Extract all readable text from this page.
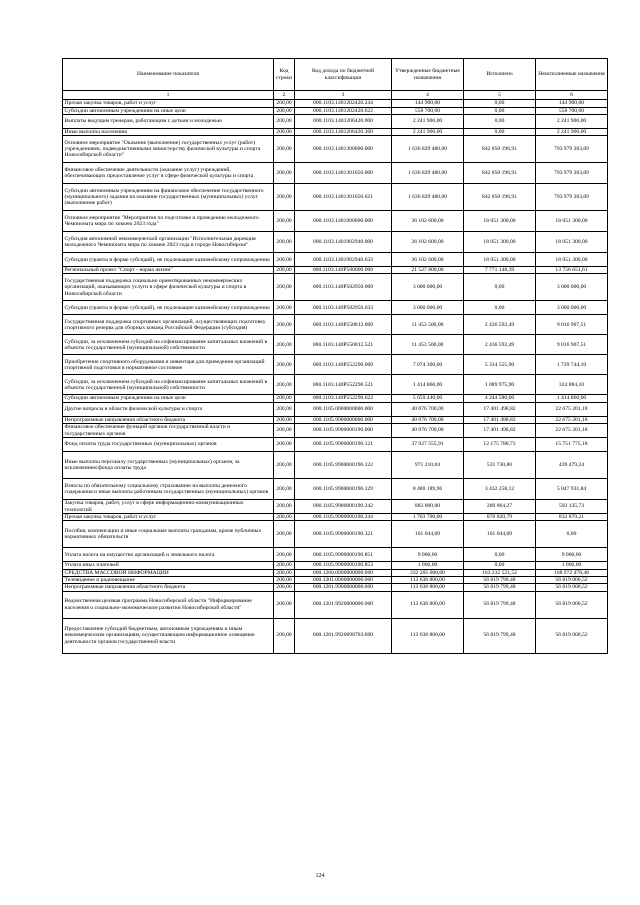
Наименование показателя	Код строки	Код дохода по бюджетной классификации	Утвержденные бюджетные назначения	Исполнено	Неисполненные назначения
1	2	3	4	5	6
Прочая закупка товаров, работ и услуг	200,00	000.1103.1401202420.244	144 900,00	0,00	144 900,00
Субсидии автономным учреждениям на иные цели	200,00	000.1103.1401202420.622	558 700,00	0,00	558 700,00
Выплаты ведущим тренерам, работающим с детьми и молодежью	200,00	000.1103.1401206420.000	2 241 900,00	0,00	2 241 900,00
Иные выплаты населению	200,00	000.1103.1401206420.360	2 241 900,00	0,00	2 241 900,00
Основное мероприятие "Оказание (выполнение) государственных услуг (работ) учреждениями, подведомственными министерству физической культуры и спорта Новосибирской области"	200,00	000.1103.1401300000.000	1 636 829 480,00	842 850 196,91	793 979 283,09
Финансовое обеспечение деятельности (оказание услуг) учреждений, обеспечивающих предоставление услуг в сфере физической культуры и спорта	200,00	000.1103.1401301050.000	1 636 829 480,00	842 850 196,91	793 979 283,09
Субсидии автономным учреждениям на финансовое обеспечение государственного (муниципального) задания на оказание государственных (муниципальных) услуг (выполнение работ)	200,00	000.1103.1401301050.621	1 636 829 480,00	842 850 196,91	793 979 283,09
Основное мероприятие "Мероприятия по подготовке и проведению молодежного Чемпионата мира по хоккею 2023 года"	200,00	000.1103.1401900000.000	36 102 600,00	18 051 300,00	18 051 300,00
Субсидия автономной некоммерческой организации "Исполнительная дирекция молодежного Чемпионата мира по хоккею 2023 года в городе Новосибирске"	200,00	000.1103.1401902940.000	36 102 600,00	18 051 300,00	18 051 300,00
Субсидии (гранты в форме субсидий), не подлежащие казначейскому сопровождению	200,00	000.1103.1401902940.633	36 102 600,00	18 051 300,00	18 051 300,00
Региональный проект "Спорт - норма жизни"	200,00	000.1103.140P500000.000	21 527 800,00	7 771 148,39	13 756 651,61
Государственная поддержка социально ориентированных некоммерческих организаций, оказывающих услуги в сфере физической культуры и спорта в Новосибирской области	200,00	000.1103.140P502950.000	3 000 000,00	0,00	3 000 000,00
Субсидии (гранты в форме субсидий), не подлежащие казначейскому сопровождению	200,00	000.1103.140P502950.633	3 000 000,00	0,00	3 000 000,00
Государственная поддержка спортивных организаций, осуществляющих подготовку спортивного резерва для сборных команд Российской Федерации (субсидия)	200,00	000.1103.140P550812.000	11 453 500,00	2 436 592,49	9 016 907,51
Субсидии, за исключением субсидий на софинансирование капитальных вложений в объекты государственной (муниципальной) собственности	200,00	000.1103.140P550812.521	11 453 500,00	2 436 592,49	9 016 907,51
Приобретение спортивного оборудования и инвентаря для приведения организаций спортивной подготовки в нормативное состояние	200,00	000.1103.140P552290.000	7 074 300,00	5 334 555,90	1 739 744,10
Субсидии, за исключением субсидий на софинансирование капитальных вложений в объекты государственной (муниципальной) собственности	200,00	000.1103.140P552290.521	1 414 860,00	1 089 975,90	324 884,10
Субсидии автономным учреждениям на иные цели	200,00	000.1103.140P552290.622	5 659 440,00	4 244 580,00	1 414 860,00
Другие вопросы в области физической культуры и спорта	200,00	000.1105.0000000000.000	40 076 700,00	17 401 498,82	22 675 201,18
Непрограммные направления областного бюджета	200,00	000.1105.9900000000.000	40 076 700,00	17 401 498,82	22 675 201,18
Финансовое обеспечение функций органов государственной власти и государственных органов	200,00	000.1105.9900000190.000	40 076 700,00	17 401 498,82	22 675 201,18
Фонд оплаты труда государственных (муниципальных) органов	200,00	000.1105.9900000190.121	37 927 555,91	12 175 780,73	15 751 775,18
Иные выплаты персоналу государственных (муниципальных) органов, за исключением фонда оплаты труда	200,00	000.1105.9900000190.122	971 210,04	531 730,80	439 479,24
Взносы по обязательному социальному страхованию на выплаты денежного содержания и иные выплаты работникам государственных (муниципальных) органов	200,00	000.1105.9900000190.129	8 480 189,96	3 432 258,12	5 047 931,84
Закупка товаров, работ, услуг в сфере информационно-коммуникационных технологий	200,00	000.1105.9900000190.242	883 000,00	289 864,27	593 135,73
Прочая закупка товаров, работ и услуг	200,00	000.1105.9900000190.244	1 703 700,00	870 820,79	832 879,21
Пособия, компенсации и иные социальные выплаты гражданам, кроме публичных нормативных обязательств	200,00	000.1105.9900000190.321	101 044,09	101 044,09	0,00
Уплата налога на имущество организаций и земельного налога	200,00	000.1105.9900000190.851	9 000,00	0,00	9 000,00
Уплата иных платежей	200,00	000.1105.9900000190.853	1 000,00	0,00	1 000,00
СРЕДСТВА МАССОВОЙ ИНФОРМАЦИИ	200,00	000.1200.0000000000.000	332 205 000,00	163 232 521,52	168 972 478,48
Телевидение и радиовещание	200,00	000.1201.0000000000.000	113 638 800,00	56 819 799,48	56 819 000,52
Непрограммные направления областного бюджета	200,00	000.1201.9900000000.000	113 638 800,00	56 819 799,48	56 819 000,52
Ведомственная целевая программа Новосибирской области "Информирование населения о социально-экономическом развитии Новосибирской области"	200,00	000.1201.9920000000.000	113 638 800,00	56 819 799,48	56 819 000,52
Предоставление субсидий бюджетным, автономным учреждениям и иным некоммерческим организациям, осуществляющим информационное освещение деятельности органов государственной власти	200,00	000.1201.9920098703.000	113 638 800,00	56 819 799,48	56 819 000,52
124
